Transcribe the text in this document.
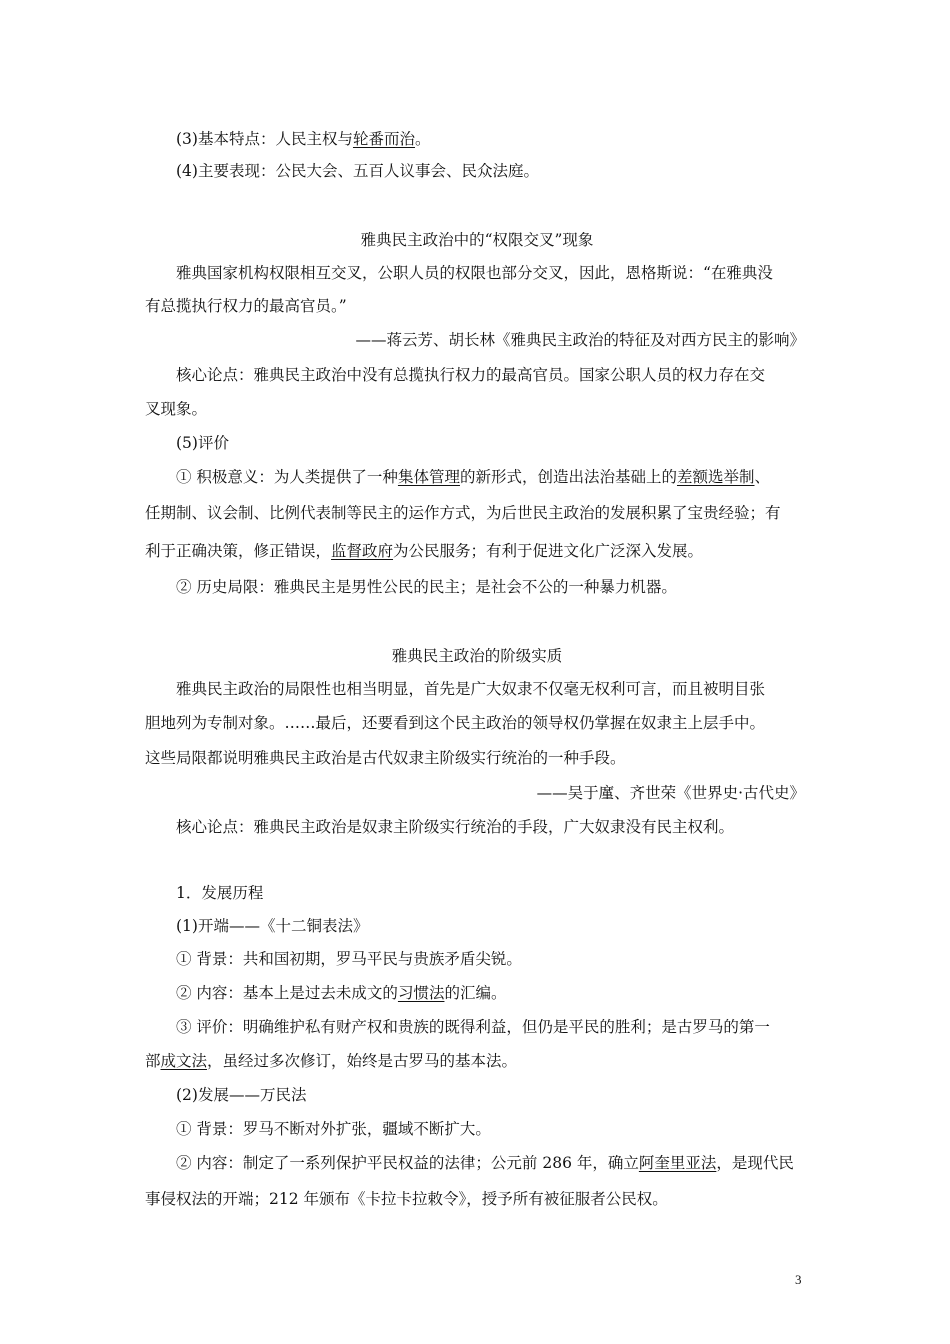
(3)基本特点：人民主权与轮番而治。
(4)主要表现：公民大会、五百人议事会、民众法庭。
雅典民主政治中的“权限交叉”现象
雅典国家机构权限相互交叉，公职人员的权限也部分交叉，因此，恩格斯说：“在雅典没
有总揽执行权力的最高官员。”
——蒋云芳、胡长林《雅典民主政治的特征及对西方民主的影响》
核心论点：雅典民主政治中没有总揽执行权力的最高官员。国家公职人员的权力存在交
叉现象。
(5)评价
① 积极意义：为人类提供了一种集体管理的新形式，创造出法治基础上的差额选举制、
任期制、议会制、比例代表制等民主的运作方式，为后世民主政治的发展积累了宝贵经验；有
利于正确决策，修正错误，监督政府为公民服务；有利于促进文化广泛深入发展。
② 历史局限：雅典民主是男性公民的民主；是社会不公的一种暴力机器。
雅典民主政治的阶级实质
雅典民主政治的局限性也相当明显，首先是广大奴隶不仅毫无权利可言，而且被明目张
胆地列为专制对象。……最后，还要看到这个民主政治的领导权仍掌握在奴隶主上层手中。
这些局限都说明雅典民主政治是古代奴隶主阶级实行统治的一种手段。
——吴于廑、齐世荣《世界史·古代史》
核心论点：雅典民主政治是奴隶主阶级实行统治的手段，广大奴隶没有民主权利。
1．发展历程
(1)开端——《十二铜表法》
① 背景：共和国初期，罗马平民与贵族矛盾尖锐。
② 内容：基本上是过去未成文的习惯法的汇编。
③ 评价：明确维护私有财产权和贵族的既得利益，但仍是平民的胜利；是古罗马的第一
部成文法，虽经过多次修订，始终是古罗马的基本法。
(2)发展——万民法
① 背景：罗马不断对外扩张，疆域不断扩大。
② 内容：制定了一系列保护平民权益的法律；公元前 286 年，确立阿奎里亚法，是现代民
事侵权法的开端；212 年颁布《卡拉卡拉敕令》，授予所有被征服者公民权。
3
